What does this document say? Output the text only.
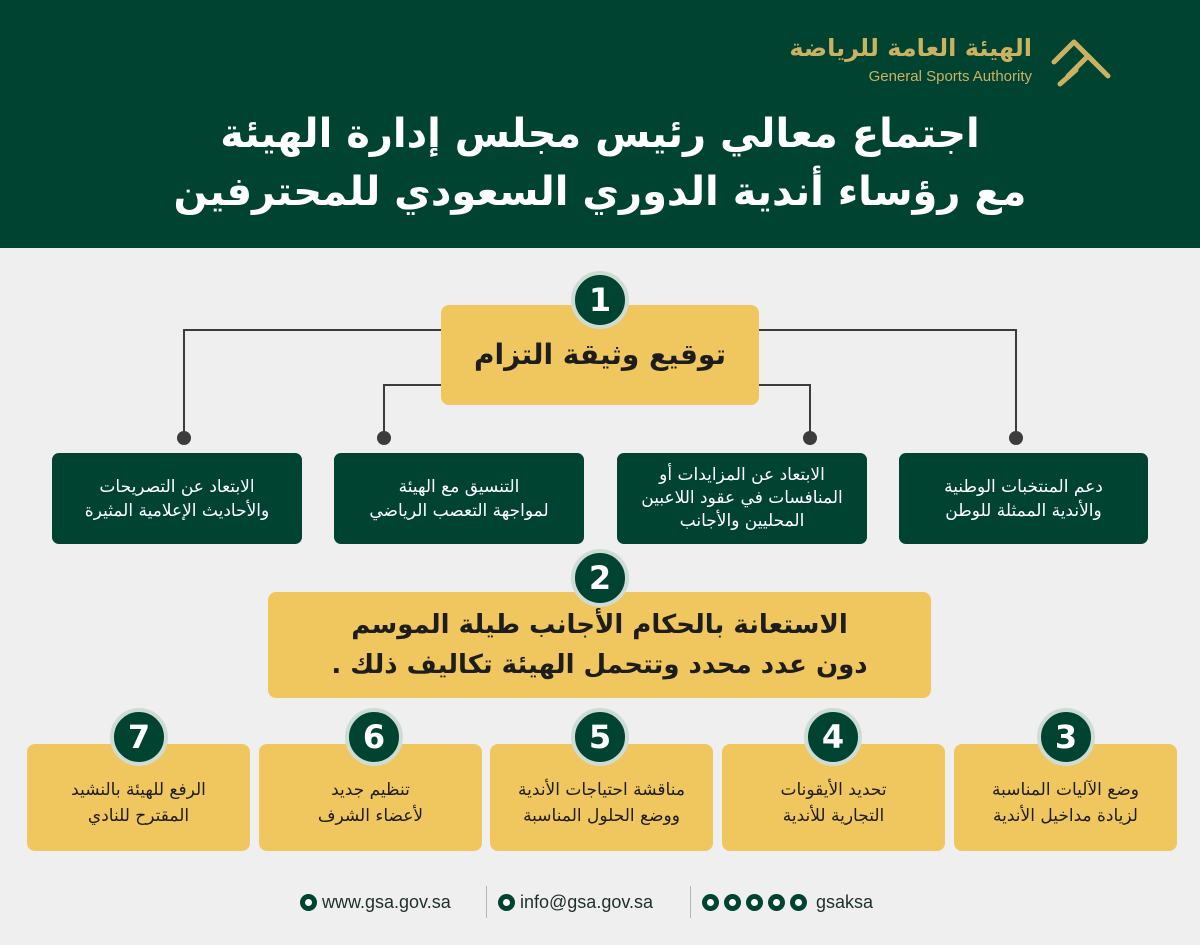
الهيئة العامة للرياضة
General Sports Authority
اجتماع معالي رئيس مجلس إدارة الهيئة
مع رؤساء أندية الدوري السعودي للمحترفين
توقيع وثيقة التزام
1
دعم المنتخبات الوطنية
والأندية الممثلة للوطن
الابتعاد عن المزايدات أو
المنافسات في عقود اللاعبين
المحليين والأجانب
التنسيق مع الهيئة
لمواجهة التعصب الرياضي
الابتعاد عن التصريحات
والأحاديث الإعلامية المثيرة
الاستعانة بالحكام الأجانب طيلة الموسم
دون عدد محدد وتتحمل الهيئة تكاليف ذلك .
2
وضع الآليات المناسبة
لزيادة مداخيل الأندية
3
تحديد الأيقونات
التجارية للأندية
4
مناقشة احتياجات الأندية
ووضع الحلول المناسبة
5
تنظيم جديد
لأعضاء الشرف
6
الرفع للهيئة بالنشيد
المقترح للنادي
7
www.gsa.gov.sa	info@gsa.gov.sa	gsaksa
